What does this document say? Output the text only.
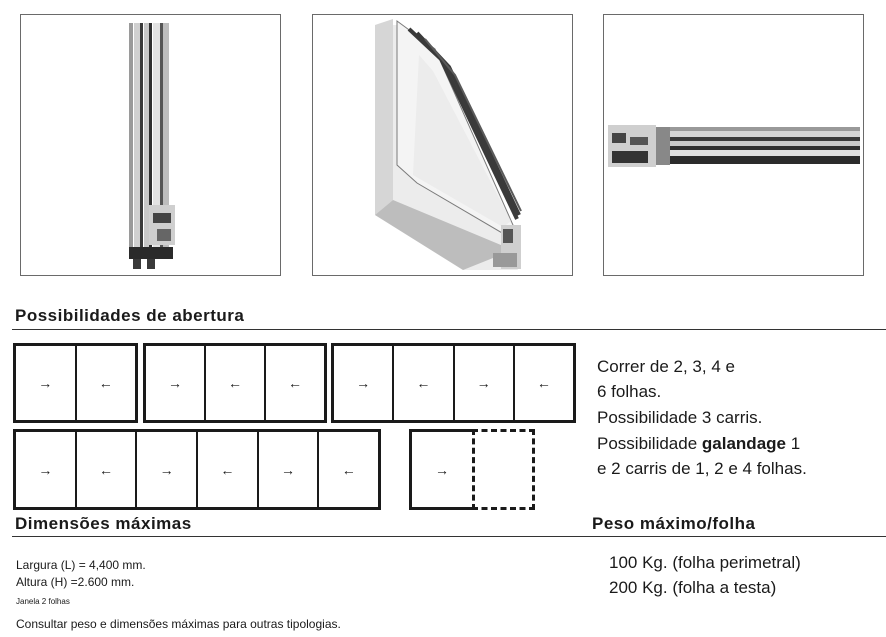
Possibilidades de abertura
→	←	→	←	←	→	←	→	←
→	←	→	←	→	←	→
Correr de 2, 3, 4 e
6 folhas.
Possibilidade 3 carris.
Possibilidade galandage 1
e 2 carris de 1, 2 e 4 folhas.
Dimensões máximas	Peso máximo/folha
Largura (L) = 4,400 mm.
Altura (H) =2.600 mm.
Janela 2 folhas
Consultar peso e dimensões máximas para outras tipologias.
100 Kg. (folha perimetral)
200 Kg. (folha a testa)
